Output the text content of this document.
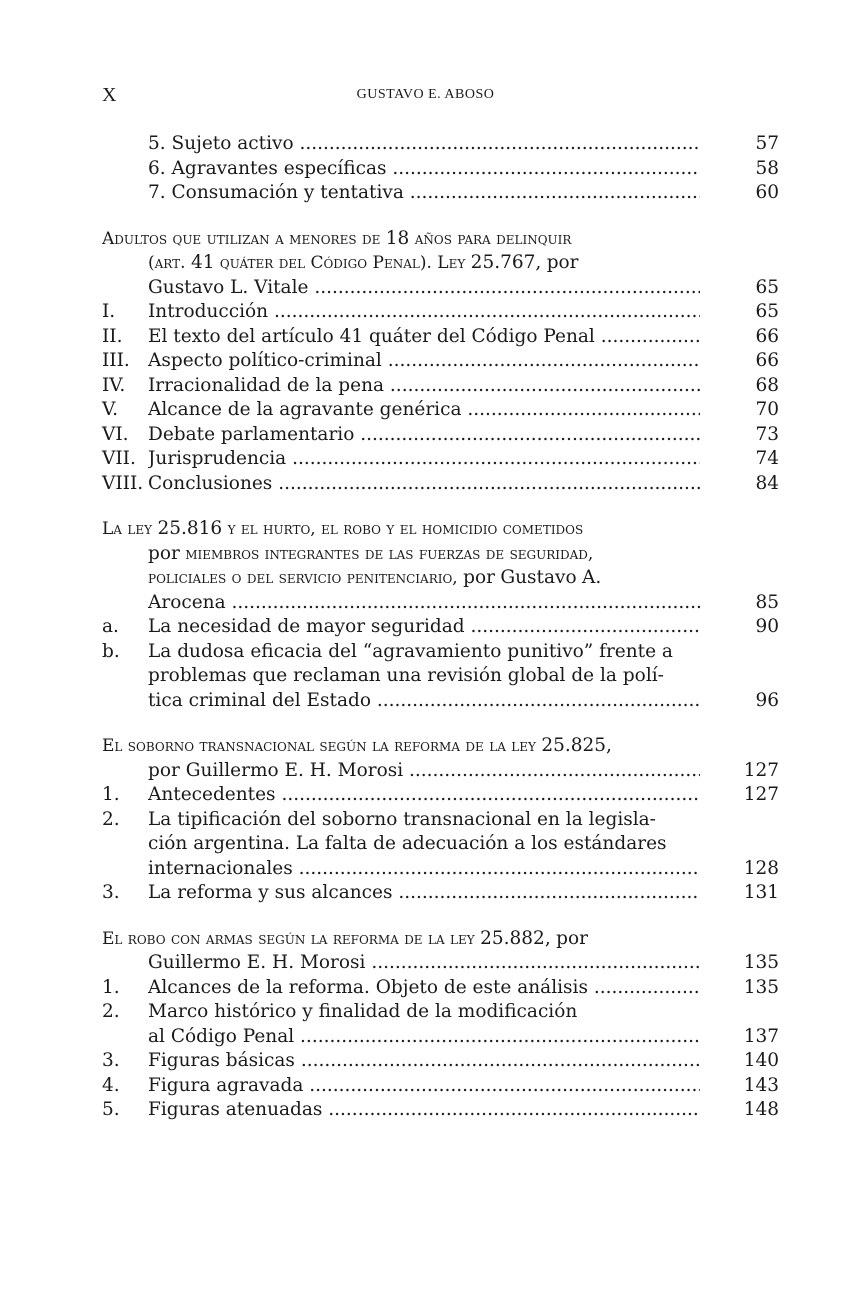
X	GUSTAVO E. ABOSO
5. Sujeto activo .....	57
6. Agravantes específicas .....	58
7. Consumación y tentativa .....	60
Adultos que utilizan a menores de 18 años para delinquir
(art. 41 quáter del Código Penal). Ley 25.767, por
Gustavo L. Vitale .....	65
I. Introducción .....	65
II. El texto del artículo 41 quáter del Código Penal .....	66
III. Aspecto político-criminal .....	66
IV. Irracionalidad de la pena .....	68
V. Alcance de la agravante genérica .....	70
VI. Debate parlamentario .....	73
VII. Jurisprudencia .....	74
VIII. Conclusiones .....	84
La ley 25.816 y el hurto, el robo y el homicidio cometidos
por miembros integrantes de las fuerzas de seguridad,
policiales o del servicio penitenciario, por Gustavo A.
Arocena .....	85
a. La necesidad de mayor seguridad .....	90
b. La dudosa eficacia del “agravamiento punitivo” frente a
problemas que reclaman una revisión global de la polí-
tica criminal del Estado .....	96
El soborno transnacional según la reforma de la ley 25.825,
por Guillermo E. H. Morosi .....	127
1. Antecedentes .....	127
2. La tipificación del soborno transnacional en la legisla-
ción argentina. La falta de adecuación a los estándares
internacionales .....	128
3. La reforma y sus alcances .....	131
El robo con armas según la reforma de la ley 25.882, por
Guillermo E. H. Morosi .....	135
1. Alcances de la reforma. Objeto de este análisis .....	135
2. Marco histórico y finalidad de la modificación
al Código Penal .....	137
3. Figuras básicas .....	140
4. Figura agravada .....	143
5. Figuras atenuadas .....	148
